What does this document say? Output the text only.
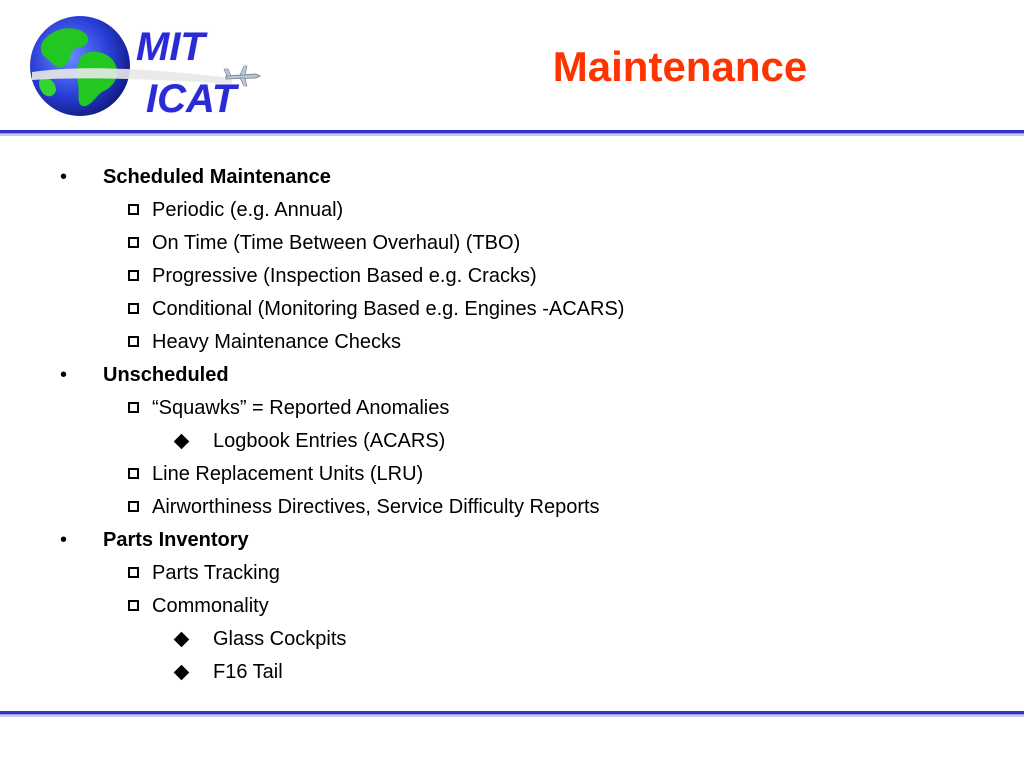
MIT
ICAT
Maintenance
• Scheduled Maintenance
Periodic (e.g. Annual)
On Time (Time Between Overhaul) (TBO)
Progressive (Inspection Based e.g. Cracks)
Conditional (Monitoring Based e.g. Engines -ACARS)
Heavy Maintenance Checks
• Unscheduled
“Squawks” = Reported Anomalies
Logbook Entries (ACARS)
Line Replacement Units (LRU)
Airworthiness Directives, Service Difficulty Reports
• Parts Inventory
Parts Tracking
Commonality
Glass Cockpits
F16 Tail
